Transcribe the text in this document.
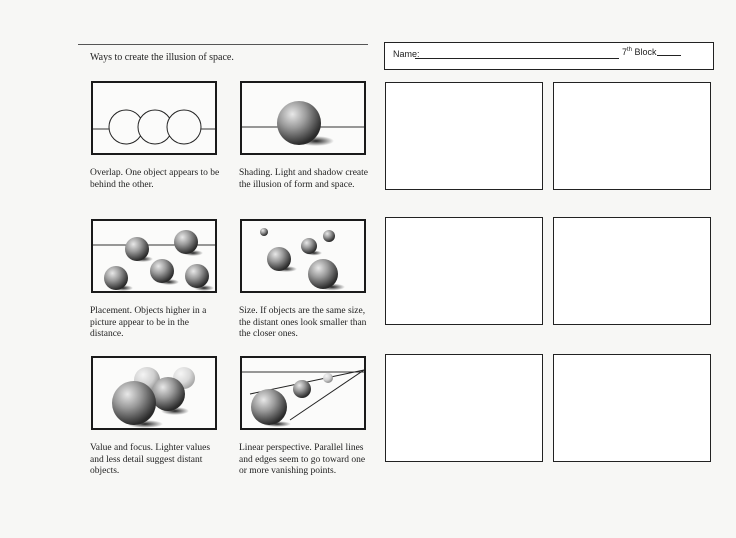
Ways to create the illusion of space.
Overlap. One object appears to be behind the other.
Shading. Light and shadow create the illusion of form and space.
Placement. Objects higher in a picture appear to be in the distance.
Size. If objects are the same size, the distant ones look smaller than the closer ones.
Value and focus. Lighter values and less detail suggest distant objects.
Linear perspective. Parallel lines and edges seem to go toward one or more vanishing points.
Name:	7th Block
